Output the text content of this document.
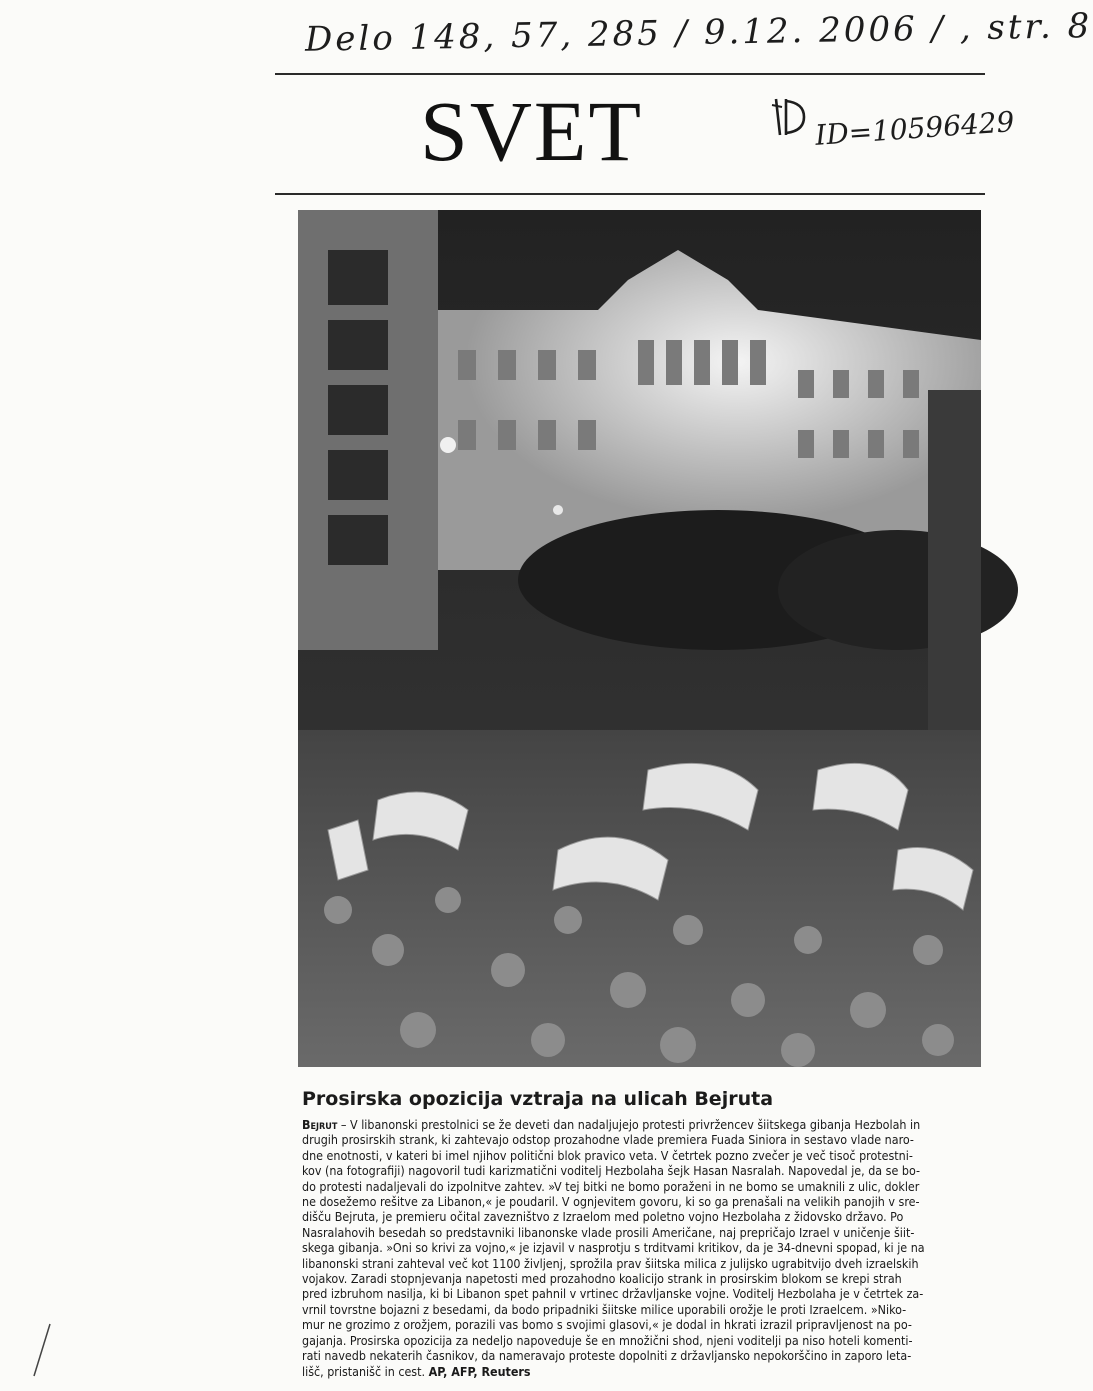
Delo 148, 57, 285 / 9.12. 2006 / , str. 8
SVET	ID=10596429
Prosirska opozicija vztraja na ulicah Bejruta
Bejrut – V libanonski prestolnici se že deveti dan nadaljujejo protesti privržencev šiitskega gibanja Hezbolah in
drugih prosirskih strank, ki zahtevajo odstop prozahodne vlade premiera Fuada Siniora in sestavo vlade naro-
dne enotnosti, v kateri bi imel njihov politični blok pravico veta. V četrtek pozno zvečer je več tisoč protestni-
kov (na fotografiji) nagovoril tudi karizmatični voditelj Hezbolaha šejk Hasan Nasralah. Napovedal je, da se bo-
do protesti nadaljevali do izpolnitve zahtev. »V tej bitki ne bomo poraženi in ne bomo se umaknili z ulic, dokler
ne dosežemo rešitve za Libanon,« je poudaril. V ognjevitem govoru, ki so ga prenašali na velikih panojih v sre-
dišču Bejruta, je premieru očital zavezništvo z Izraelom med poletno vojno Hezbolaha z židovsko državo. Po
Nasralahovih besedah so predstavniki libanonske vlade prosili Američane, naj prepričajo Izrael v uničenje šiit-
skega gibanja. »Oni so krivi za vojno,« je izjavil v nasprotju s trditvami kritikov, da je 34-dnevni spopad, ki je na
libanonski strani zahteval več kot 1100 življenj, sprožila prav šiitska milica z julijsko ugrabitvijo dveh izraelskih
vojakov. Zaradi stopnjevanja napetosti med prozahodno koalicijo strank in prosirskim blokom se krepi strah
pred izbruhom nasilja, ki bi Libanon spet pahnil v vrtinec državljanske vojne. Voditelj Hezbolaha je v četrtek za-
vrnil tovrstne bojazni z besedami, da bodo pripadniki šiitske milice uporabili orožje le proti Izraelcem. »Niko-
mur ne grozimo z orožjem, porazili vas bomo s svojimi glasovi,« je dodal in hkrati izrazil pripravljenost na po-
gajanja. Prosirska opozicija za nedeljo napoveduje še en množični shod, njeni voditelji pa niso hoteli komenti-
rati navedb nekaterih časnikov, da nameravajo proteste dopolniti z državljansko nepokorščino in zaporo leta-
lišč, pristanišč in cest. AP, AFP, Reuters
